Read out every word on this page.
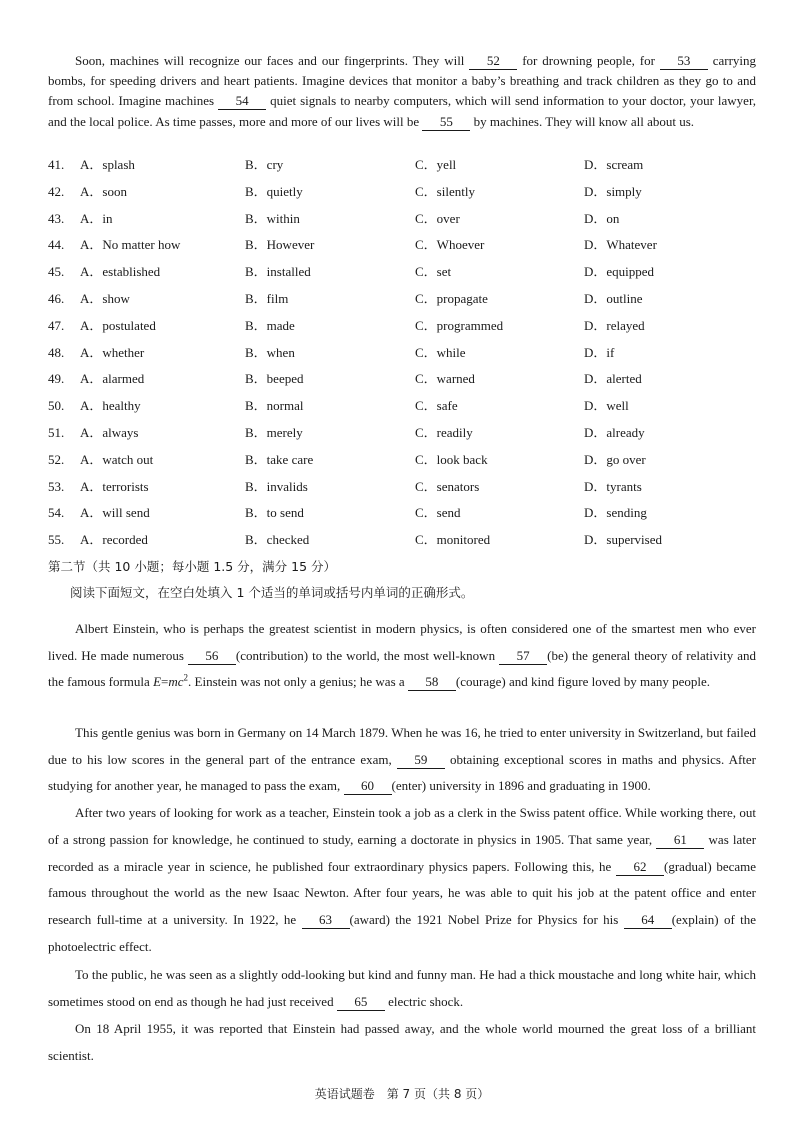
Soon, machines will recognize our faces and our fingerprints. They will 52 for drowning people, for 53 carrying bombs, for speeding drivers and heart patients. Imagine devices that monitor a baby’s breathing and track children as they go to and from school. Imagine machines 54 quiet signals to nearby computers, which will send information to your doctor, your lawyer, and the local police. As time passes, more and more of our lives will be 55 by machines. They will know all about us.

41. A．splash	B．cry	C．yell	D．scream
42. A．soon	B．quietly	C．silently	D．simply
43. A．in	B．within	C．over	D．on
44. A．No matter how	B．However	C．Whoever	D．Whatever
45. A．established	B．installed	C．set	D．equipped
46. A．show	B．film	C．propagate	D．outline
47. A．postulated	B．made	C．programmed	D．relayed
48. A．whether	B．when	C．while	D．if
49. A．alarmed	B．beeped	C．warned	D．alerted
50. A．healthy	B．normal	C．safe	D．well
51. A．always	B．merely	C．readily	D．already
52. A．watch out	B．take care	C．look back	D．go over
53. A．terrorists	B．invalids	C．senators	D．tyrants
54. A．will send	B．to send	C．send	D．sending
55. A．recorded	B．checked	C．monitored	D．supervised
第二节（共 10 小题；每小题 1.5 分，满分 15 分）
阅读下面短文，在空白处填入 1 个适当的单词或括号内单词的正确形式。

Albert Einstein, who is perhaps the greatest scientist in modern physics, is often considered one of the smartest men who ever lived. He made numerous 56 (contribution) to the world, the most well-known 57 (be) the general theory of relativity and the famous formula $E=mc^2$. Einstein was not only a genius; he was a 58 (courage) and kind figure loved by many people.

This gentle genius was born in Germany on 14 March 1879. When he was 16, he tried to enter university in Switzerland, but failed due to his low scores in the general part of the entrance exam, 59 obtaining exceptional scores in maths and physics. After studying for another year, he managed to pass the exam, 60 (enter) university in 1896 and graduating in 1900.

After two years of looking for work as a teacher, Einstein took a job as a clerk in the Swiss patent office. While working there, out of a strong passion for knowledge, he continued to study, earning a doctorate in physics in 1905. That same year, 61 was later recorded as a miracle year in science, he published four extraordinary physics papers. Following this, he 62 (gradual) became famous throughout the world as the new Isaac Newton. After four years, he was able to quit his job at the patent office and enter research full-time at a university. In 1922, he 63 (award) the 1921 Nobel Prize for Physics for his 64 (explain) of the photoelectric effect.

To the public, he was seen as a slightly odd-looking but kind and funny man. He had a thick moustache and long white hair, which sometimes stood on end as though he had just received 65 electric shock.

On 18 April 1955, it was reported that Einstein had passed away, and the whole world mourned the great loss of a brilliant scientist.

英语试题卷　第 7 页（共 8 页）
